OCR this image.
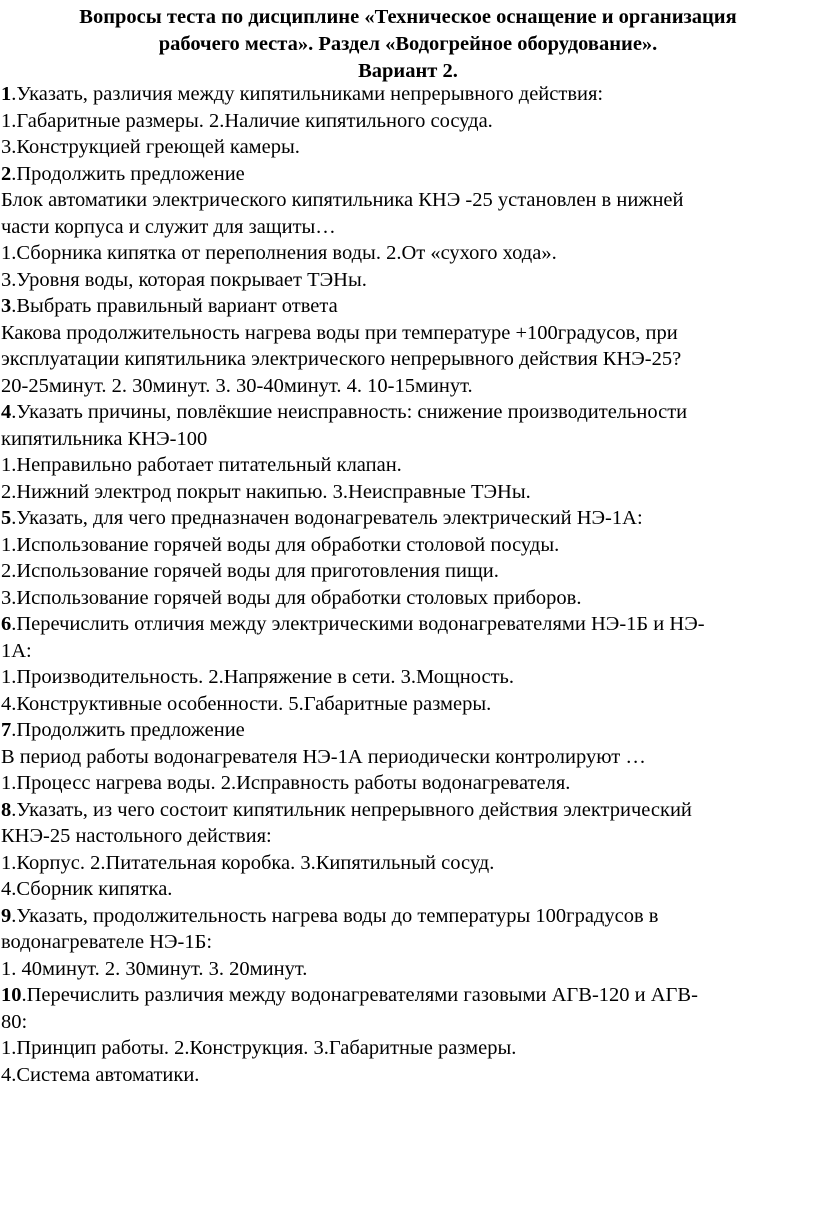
Вопросы теста по дисциплине «Техническое оснащение и организация
рабочего места». Раздел «Водогрейное оборудование».
Вариант 2.
1.Указать, различия между кипятильниками непрерывного действия:
1.Габаритные размеры. 2.Наличие кипятильного сосуда.
3.Конструкцией греющей камеры.
2.Продолжить предложение
Блок автоматики электрического кипятильника КНЭ -25 установлен в нижней
части корпуса и служит для защиты…
1.Сборника кипятка от переполнения воды. 2.От «сухого хода».
3.Уровня воды, которая покрывает ТЭНы.
3.Выбрать правильный вариант ответа
Какова продолжительность нагрева воды при температуре +100градусов, при
эксплуатации кипятильника электрического непрерывного действия КНЭ-25?
20-25минут. 2. 30минут. 3. 30-40минут. 4. 10-15минут.
4.Указать причины, повлёкшие неисправность: снижение производительности
кипятильника КНЭ-100
1.Неправильно работает питательный клапан.
2.Нижний электрод покрыт накипью. 3.Неисправные ТЭНы.
5.Указать, для чего предназначен водонагреватель электрический НЭ-1А:
1.Использование горячей воды для обработки столовой посуды.
2.Использование горячей воды для приготовления пищи.
3.Использование горячей воды для обработки столовых приборов.
6.Перечислить отличия между электрическими водонагревателями НЭ-1Б и НЭ-
1А:
1.Производительность. 2.Напряжение в сети. 3.Мощность.
4.Конструктивные особенности. 5.Габаритные размеры.
7.Продолжить предложение
В период работы водонагревателя НЭ-1А периодически контролируют …
1.Процесс нагрева воды. 2.Исправность работы водонагревателя.
8.Указать, из чего состоит кипятильник непрерывного действия электрический
КНЭ-25 настольного действия:
1.Корпус. 2.Питательная коробка. 3.Кипятильный сосуд.
4.Сборник кипятка.
9.Указать, продолжительность нагрева воды до температуры 100градусов в
водонагревателе НЭ-1Б:
1. 40минут. 2. 30минут. 3. 20минут.
10.Перечислить различия между водонагревателями газовыми АГВ-120 и АГВ-
80:
1.Принцип работы. 2.Конструкция. 3.Габаритные размеры.
4.Система автоматики.
